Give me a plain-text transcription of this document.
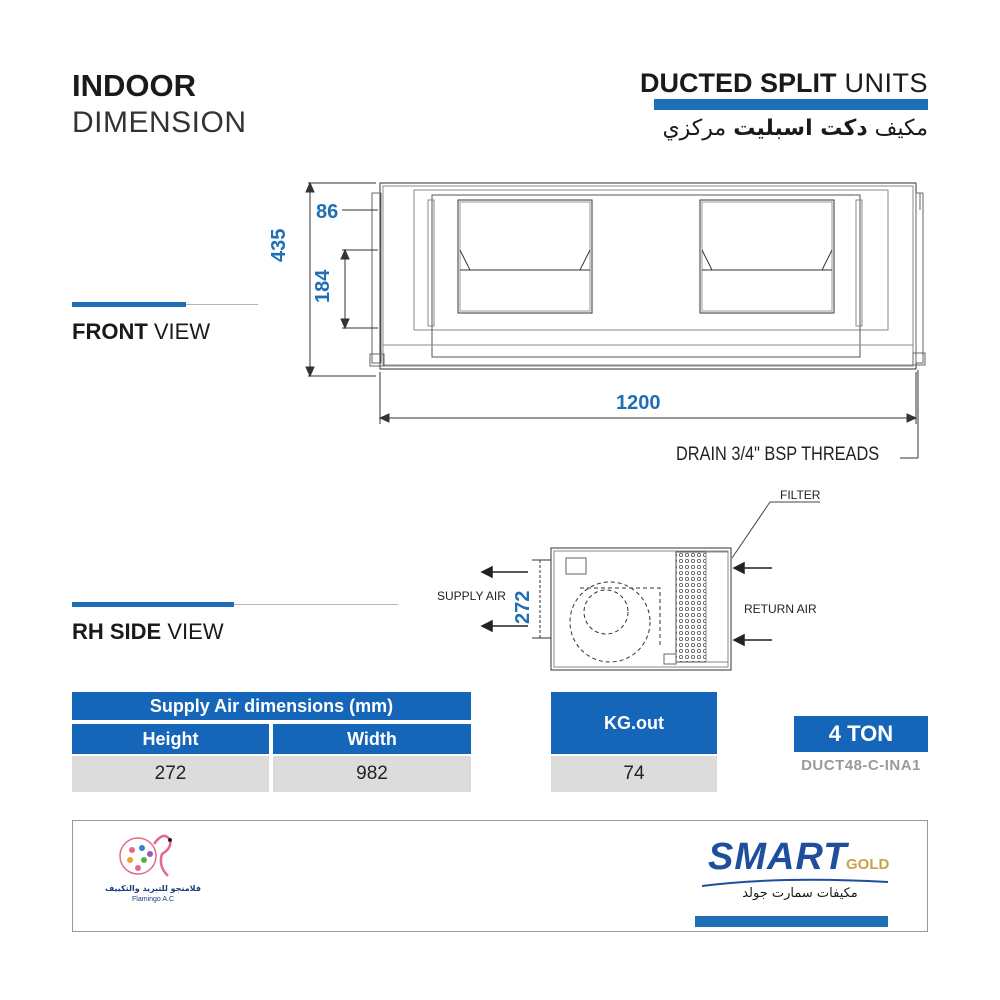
INDOOR
DIMENSION
DUCTED SPLIT UNITS
مكيف دكت اسبليت مركزي
FRONT VIEW
86
435
184
1200
DRAIN 3/4" BSP THREADS
RH SIDE VIEW
FILTER
SUPPLY AIR
RETURN AIR
272
Supply Air dimensions (mm)
Height	Width
272	982
KG.out
74
4 TON
DUCT48-C-INA1
فلامنجو للتبريد والتكييف
Flamingo A.C
SMART
GOLD
مكيفات سمارت جولد
